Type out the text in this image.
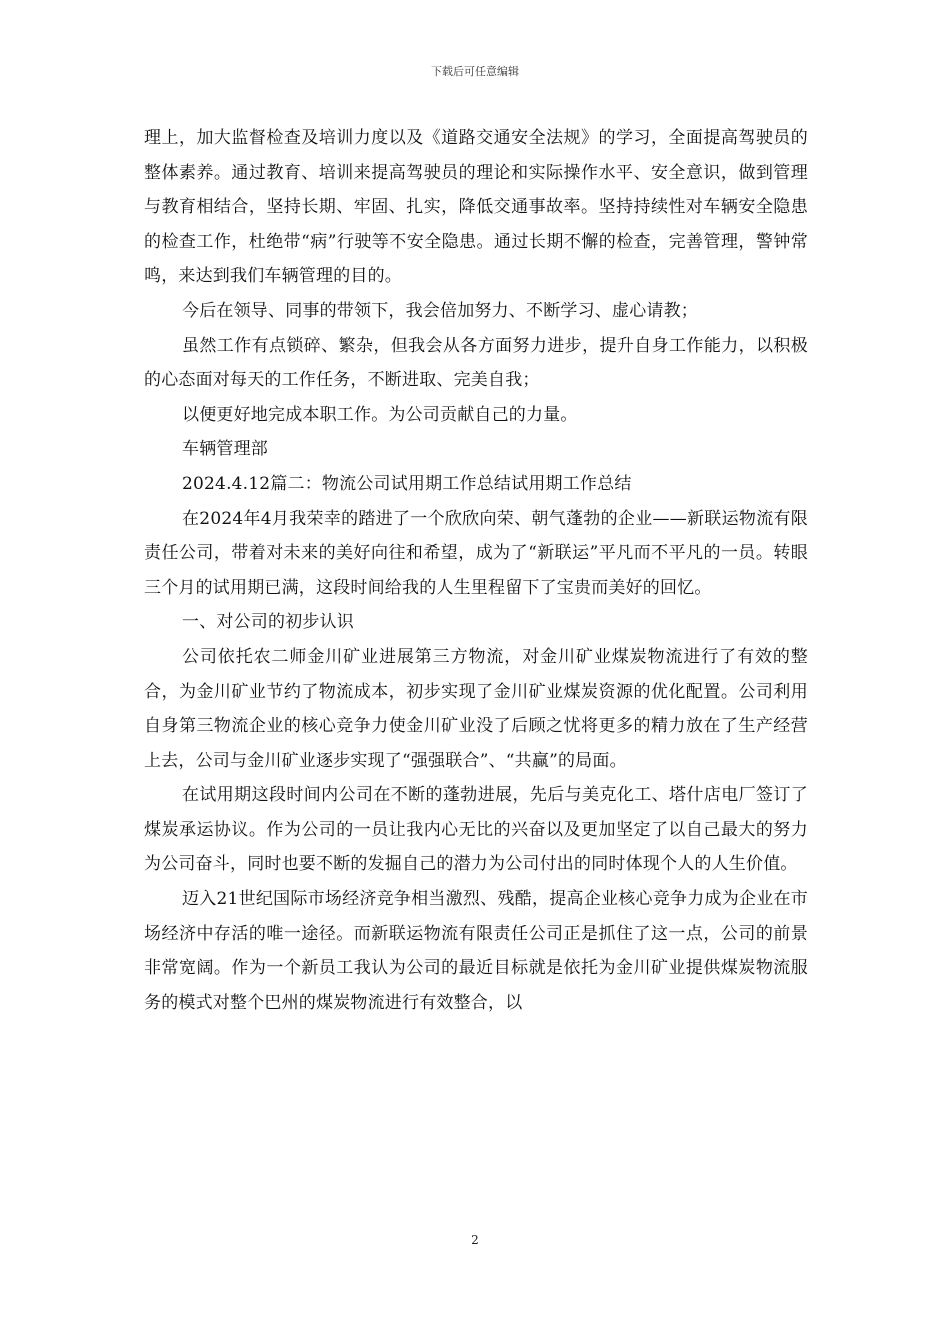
下载后可任意编辑

理上，加大监督检查及培训力度以及《道路交通安全法规》的学习，全面提高驾驶员的整体素养。通过教育、培训来提高驾驶员的理论和实际操作水平、安全意识，做到管理与教育相结合，坚持长期、牢固、扎实，降低交通事故率。坚持持续性对车辆安全隐患的检查工作，杜绝带“病”行驶等不安全隐患。通过长期不懈的检查，完善管理，警钟常鸣，来达到我们车辆管理的目的。

今后在领导、同事的带领下，我会倍加努力、不断学习、虚心请教；

虽然工作有点锁碎、繁杂，但我会从各方面努力进步，提升自身工作能力，以积极的心态面对每天的工作任务，不断进取、完美自我；

以便更好地完成本职工作。为公司贡献自己的力量。

车辆管理部

2024.4.12篇二：物流公司试用期工作总结试用期工作总结

在2024年4月我荣幸的踏进了一个欣欣向荣、朝气蓬勃的企业——新联运物流有限责任公司，带着对未来的美好向往和希望，成为了“新联运”平凡而不平凡的一员。转眼三个月的试用期已满，这段时间给我的人生里程留下了宝贵而美好的回忆。

一、对公司的初步认识

公司依托农二师金川矿业进展第三方物流，对金川矿业煤炭物流进行了有效的整合，为金川矿业节约了物流成本，初步实现了金川矿业煤炭资源的优化配置。公司利用自身第三物流企业的核心竞争力使金川矿业没了后顾之忧将更多的精力放在了生产经营上去，公司与金川矿业逐步实现了“强强联合”、“共赢”的局面。

在试用期这段时间内公司在不断的蓬勃进展，先后与美克化工、塔什店电厂签订了煤炭承运协议。作为公司的一员让我内心无比的兴奋以及更加坚定了以自己最大的努力为公司奋斗，同时也要不断的发掘自己的潜力为公司付出的同时体现个人的人生价值。

迈入21世纪国际市场经济竞争相当激烈、残酷，提高企业核心竞争力成为企业在市场经济中存活的唯一途径。而新联运物流有限责任公司正是抓住了这一点，公司的前景非常宽阔。作为一个新员工我认为公司的最近目标就是依托为金川矿业提供煤炭物流服务的模式对整个巴州的煤炭物流进行有效整合，以

2
